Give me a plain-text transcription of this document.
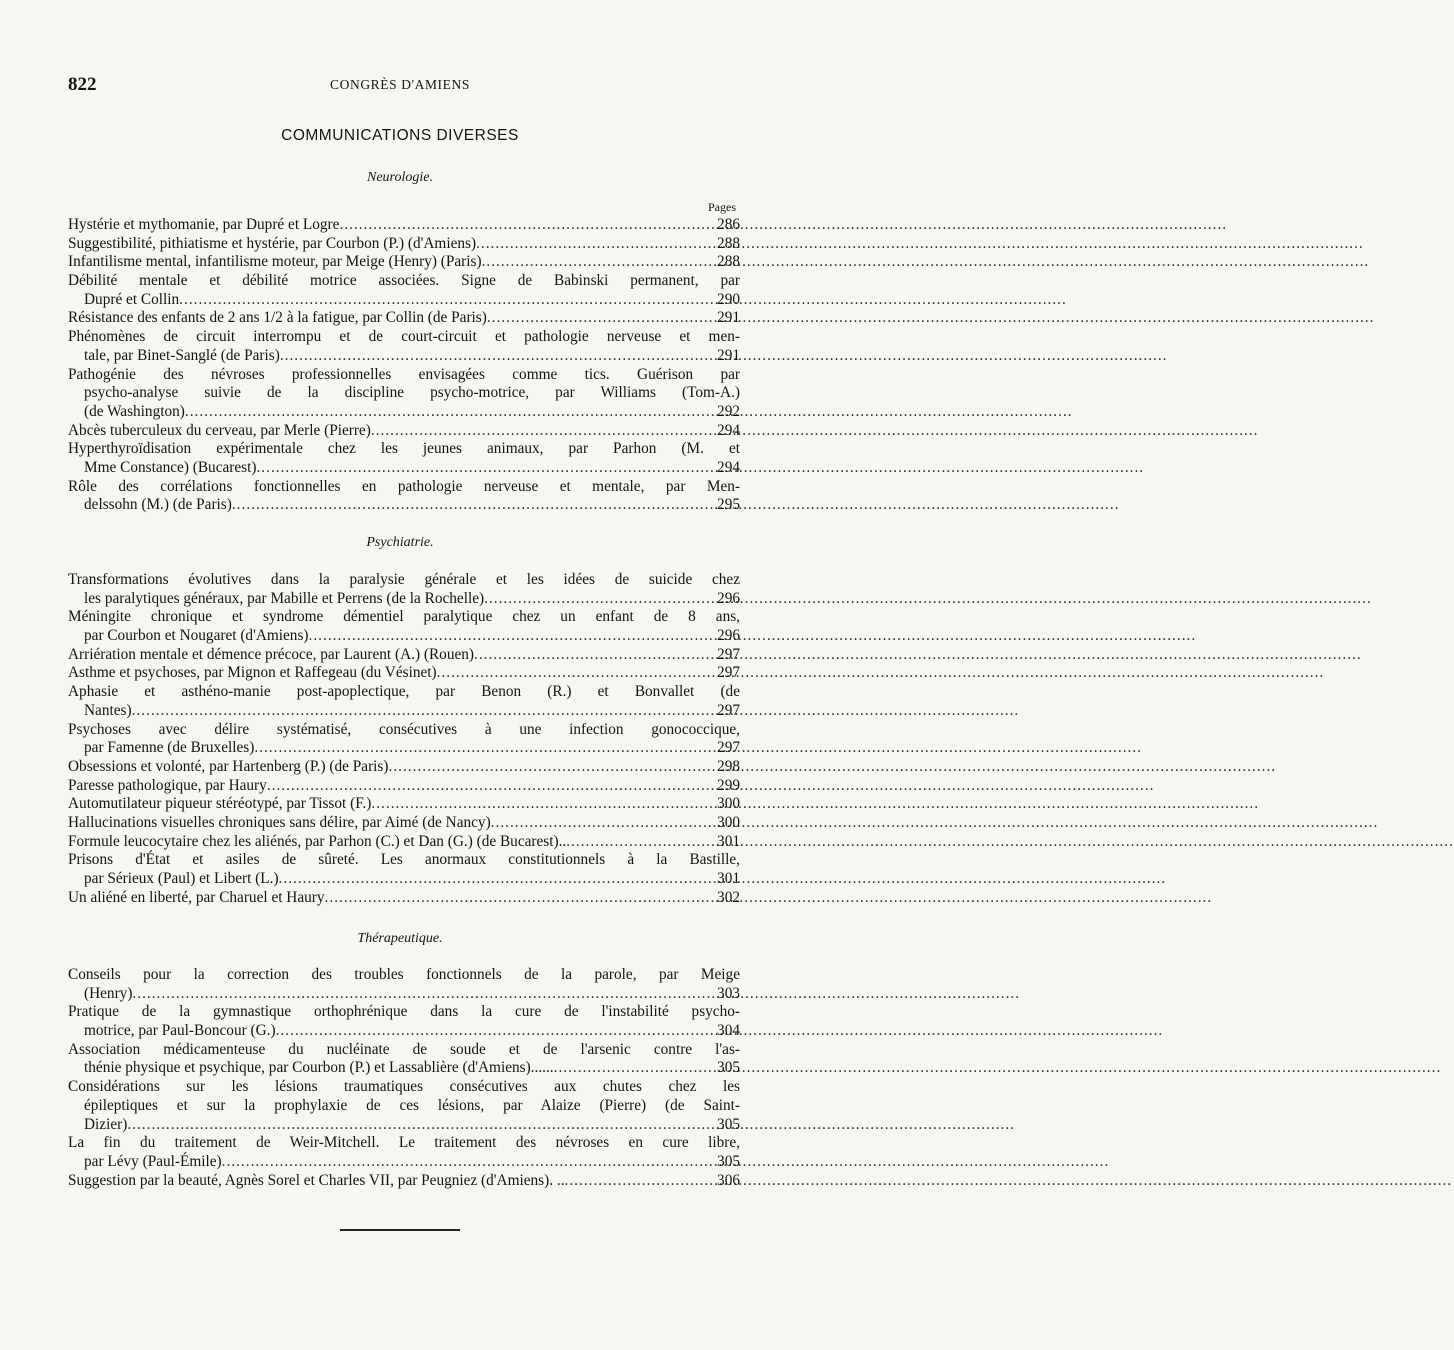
822	CONGRÈS D'AMIENS
COMMUNICATIONS DIVERSES
Neurologie.
Pages
Hystérie et mythomanie, par Dupré et Logre .....	286
Suggestibilité, pithiatisme et hystérie, par Courbon (P.) (d'Amiens) .....	288
Infantilisme mental, infantilisme moteur, par Meige (Henry) (Paris) .....	288
Débilité mentale et débilité motrice associées. Signe de Babinski permanent, par
Dupré et Collin .....	290
Résistance des enfants de 2 ans 1/2 à la fatigue, par Collin (de Paris) .....	291
Phénomènes de circuit interrompu et de court-circuit et pathologie nerveuse et men-
tale, par Binet-Sanglé (de Paris) .....	291
Pathogénie des névroses professionnelles envisagées comme tics. Guérison par
psycho-analyse suivie de la discipline psycho-motrice, par Williams (Tom-A.)
(de Washington) .....	292
Abcès tuberculeux du cerveau, par Merle (Pierre) .....	294
Hyperthyroïdisation expérimentale chez les jeunes animaux, par Parhon (M. et
Mme Constance) (Bucarest) .....	294
Rôle des corrélations fonctionnelles en pathologie nerveuse et mentale, par Men-
delssohn (M.) (de Paris) .....	295
Psychiatrie.
Transformations évolutives dans la paralysie générale et les idées de suicide chez
les paralytiques généraux, par Mabille et Perrens (de la Rochelle) .....	296
Méningite chronique et syndrome démentiel paralytique chez un enfant de 8 ans,
par Courbon et Nougaret (d'Amiens) .....	296
Arriération mentale et démence précoce, par Laurent (A.) (Rouen) .....	297
Asthme et psychoses, par Mignon et Raffegeau (du Vésinet) .....	297
Aphasie et asthéno-manie post-apoplectique, par Benon (R.) et Bonvallet (de
Nantes) .....	297
Psychoses avec délire systématisé, consécutives à une infection gonococcique,
par Famenne (de Bruxelles) .....	297
Obsessions et volonté, par Hartenberg (P.) (de Paris) .....	298
Paresse pathologique, par Haury .....	299
Automutilateur piqueur stéréotypé, par Tissot (F.) .....	300
Hallucinations visuelles chroniques sans délire, par Aimé (de Nancy) .....	300
Formule leucocytaire chez les aliénés, par Parhon (C.) et Dan (G.) (de Bucarest).. .....	301
Prisons d'État et asiles de sûreté. Les anormaux constitutionnels à la Bastille,
par Sérieux (Paul) et Libert (L.) .....	301
Un aliéné en liberté, par Charuel et Haury .....	302
Thérapeutique.
Conseils pour la correction des troubles fonctionnels de la parole, par Meige
(Henry) .....	303
Pratique de la gymnastique orthophrénique dans la cure de l'instabilité psycho-
motrice, par Paul-Boncour (G.) .....	304
Association médicamenteuse du nucléinate de soude et de l'arsenic contre l'as-
thénie physique et psychique, par Courbon (P.) et Lassablière (d'Amiens)...... .....	305
Considérations sur les lésions traumatiques consécutives aux chutes chez les
épileptiques et sur la prophylaxie de ces lésions, par Alaize (Pierre) (de Saint-
Dizier) .....	305
La fin du traitement de Weir-Mitchell. Le traitement des névroses en cure libre,
par Lévy (Paul-Émile) .....	305
Suggestion par la beauté, Agnès Sorel et Charles VII, par Peugniez (d'Amiens). .. .....	306
